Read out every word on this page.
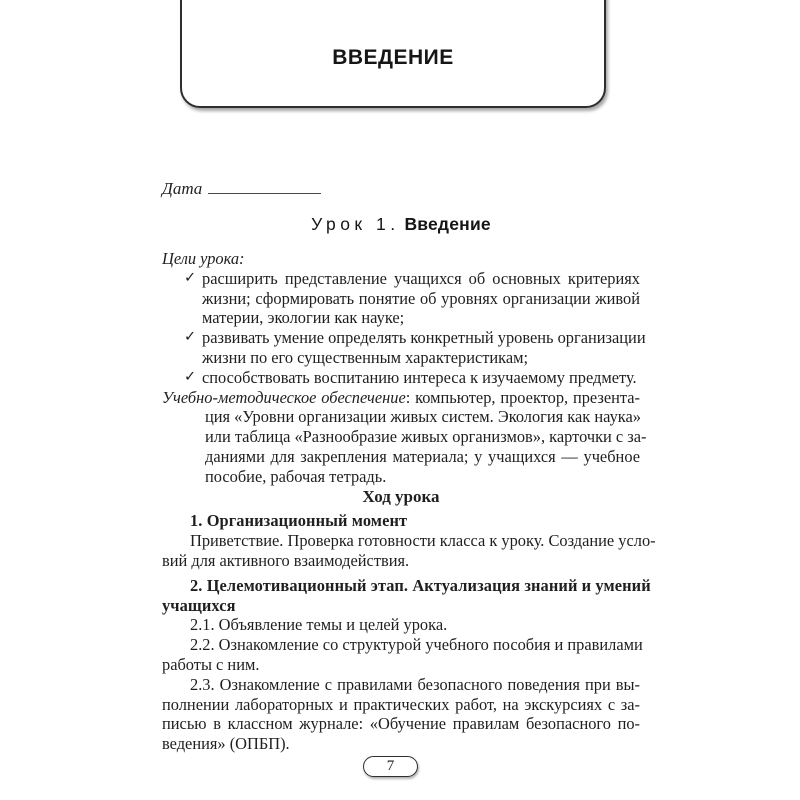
ВВЕДЕНИЕ
Дата
Урок 1. Введение
Цели урока:
✓ расширить представление учащихся об основных критериях
жизни; сформировать понятие об уровнях организации живой
материи, экологии как науке;
✓ развивать умение определять конкретный уровень организации
жизни по его существенным характеристикам;
✓ способствовать воспитанию интереса к изучаемому предмету.
Учебно-методическое обеспечение: компьютер, проектор, презента-
ция «Уровни организации живых систем. Экология как наука»
или таблица «Разнообразие живых организмов», карточки с за-
даниями для закрепления материала; у учащихся — учебное
пособие, рабочая тетрадь.
Ход урока
1. Организационный момент
Приветствие. Проверка готовности класса к уроку. Создание усло-
вий для активного взаимодействия.
2. Целемотивационный этап. Актуализация знаний и умений
учащихся
2.1. Объявление темы и целей урока.
2.2. Ознакомление со структурой учебного пособия и правилами
работы с ним.
2.3. Ознакомление с правилами безопасного поведения при вы-
полнении лабораторных и практических работ, на экскурсиях с за-
писью в классном журнале: «Обучение правилам безопасного по-
ведения» (ОПБП).
7
